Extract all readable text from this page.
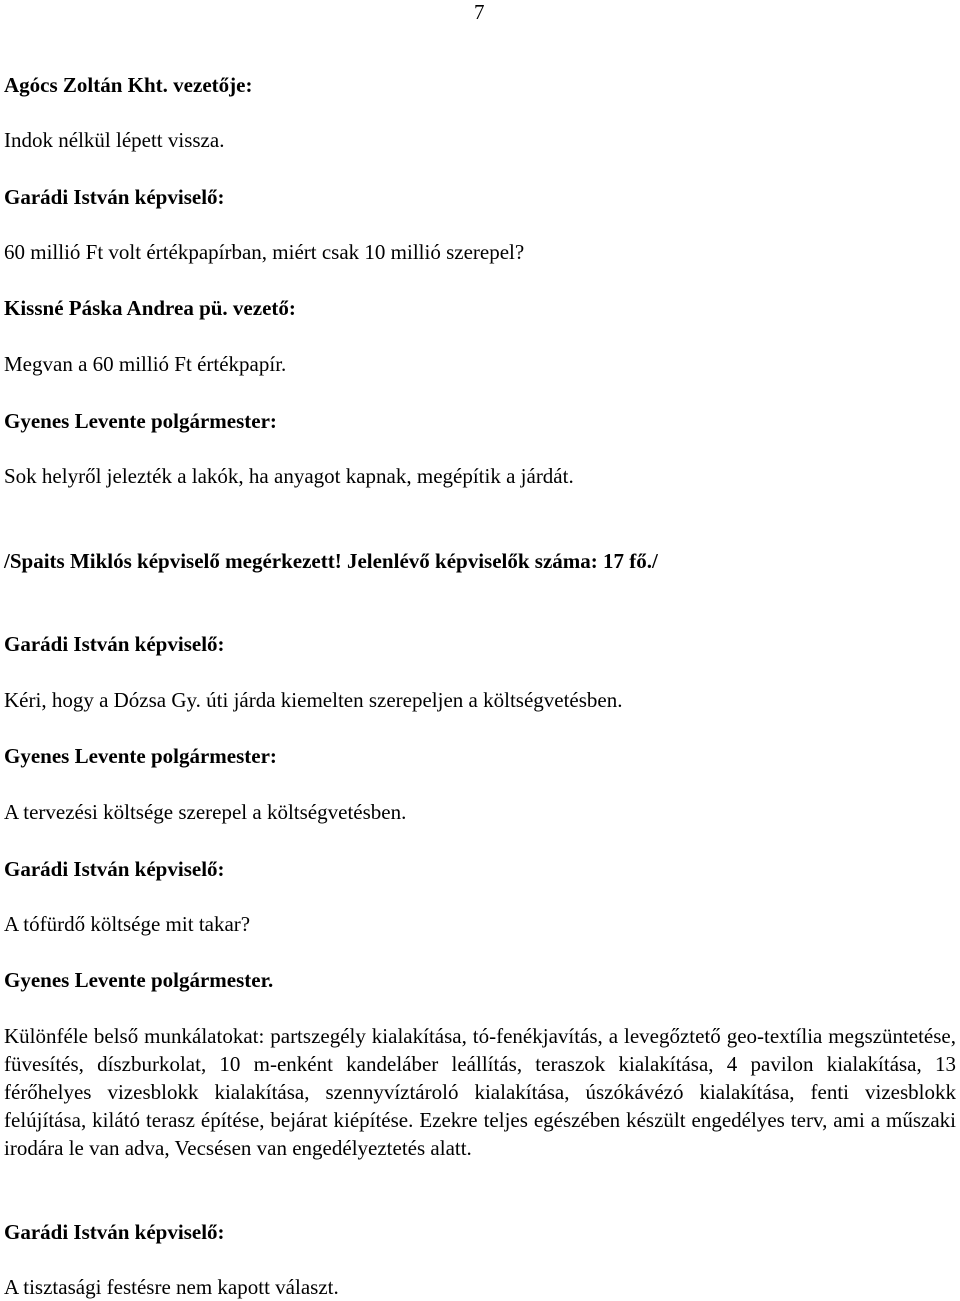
7
Agócs Zoltán Kht. vezetője:
Indok nélkül lépett vissza.
Garádi István képviselő:
60 millió Ft volt értékpapírban, miért csak 10 millió szerepel?
Kissné Páska Andrea pü. vezető:
Megvan a 60 millió Ft értékpapír.
Gyenes Levente polgármester:
Sok helyről jelezték a lakók, ha anyagot kapnak, megépítik a járdát.
/Spaits Miklós képviselő megérkezett! Jelenlévő képviselők száma: 17 fő./
Garádi István képviselő:
Kéri, hogy a Dózsa Gy. úti járda kiemelten szerepeljen a költségvetésben.
Gyenes Levente polgármester:
A tervezési költsége szerepel a költségvetésben.
Garádi István képviselő:
A tófürdő költsége mit takar?
Gyenes Levente polgármester.
Különféle belső munkálatokat: partszegély kialakítása, tó-fenékjavítás, a levegőztető geo-textília megszüntetése, füvesítés, díszburkolat, 10 m-enként kandeláber leállítás, teraszok kialakítása, 4 pavilon kialakítása, 13 férőhelyes vizesblokk kialakítása, szennyvíztároló kialakítása, úszókávézó kialakítása, fenti vizesblokk felújítása, kilátó terasz építése, bejárat kiépítése. Ezekre teljes egészében készült engedélyes terv, ami a műszaki irodára le van adva, Vecsésen van engedélyeztetés alatt.
Garádi István képviselő:
A tisztasági festésre nem kapott választ.
